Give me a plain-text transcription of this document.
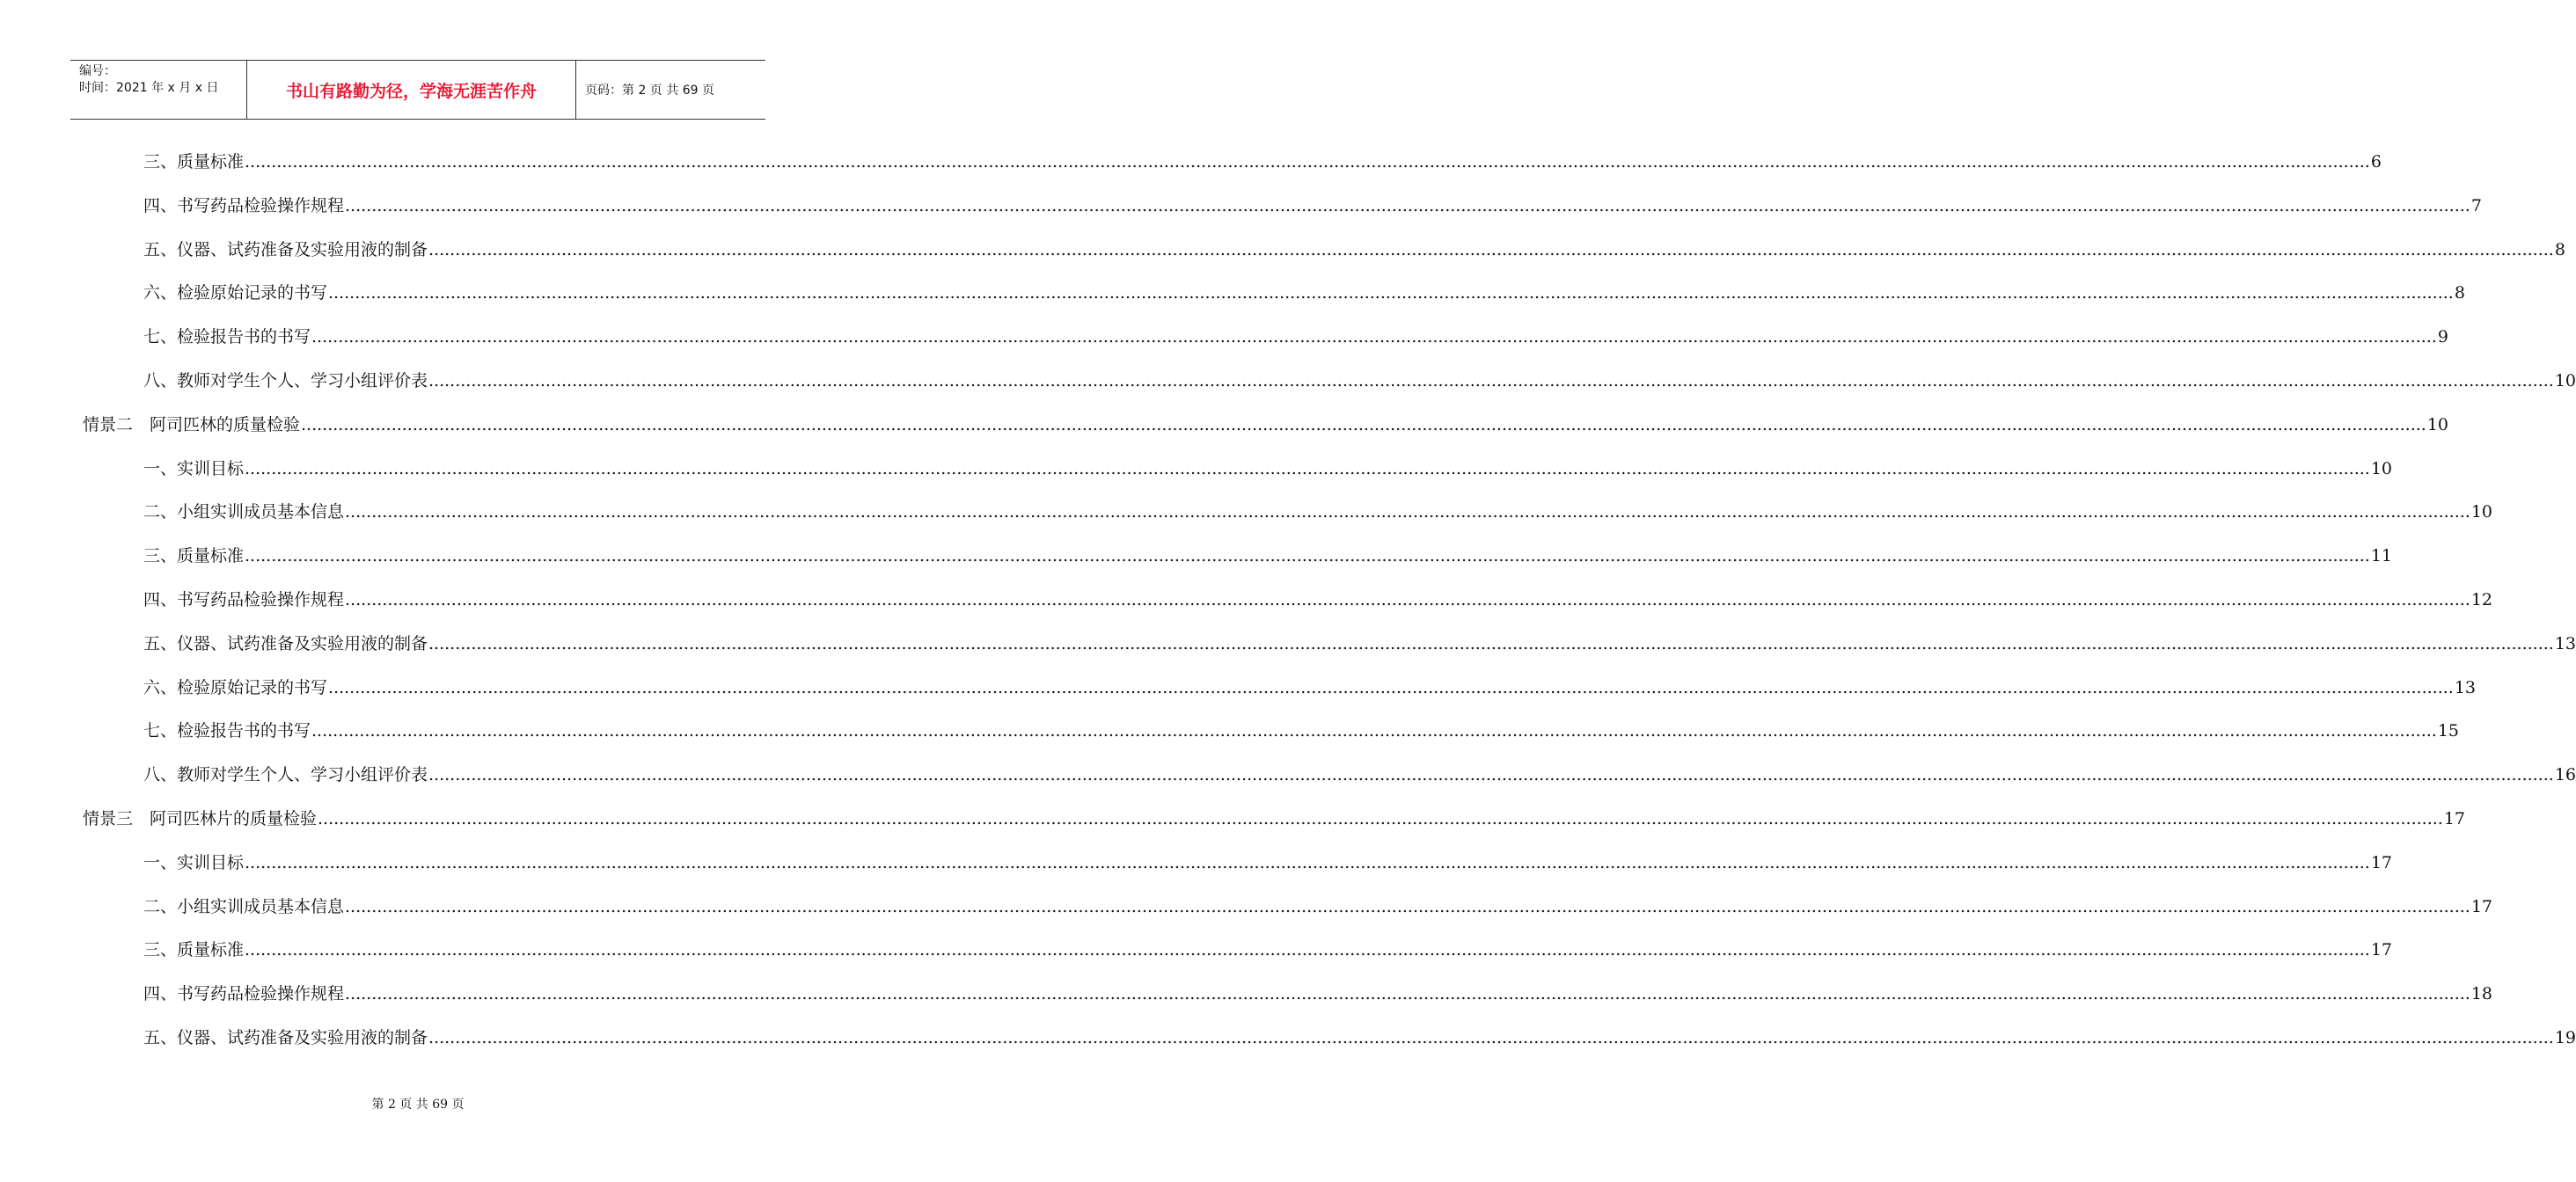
编号：
时间：2021 年 x 月 x 日	书山有路勤为径，学海无涯苦作舟	页码：第 2 页 共 69 页
三、质量标准 ................................................................................................................................................................................................................................................................................................................................................................................................................ 6
四、书写药品检验操作规程 ................................................................................................................................................................................................................................................................................................................................................................................................................ 7
五、仪器、试药准备及实验用液的制备 ................................................................................................................................................................................................................................................................................................................................................................................................................ 8
六、检验原始记录的书写 ................................................................................................................................................................................................................................................................................................................................................................................................................ 8
七、检验报告书的书写 ................................................................................................................................................................................................................................................................................................................................................................................................................ 9
八、教师对学生个人、学习小组评价表 ................................................................................................................................................................................................................................................................................................................................................................................................................ 10
情景二　阿司匹林的质量检验 ................................................................................................................................................................................................................................................................................................................................................................................................................ 10
一、实训目标 ................................................................................................................................................................................................................................................................................................................................................................................................................ 10
二、小组实训成员基本信息 ................................................................................................................................................................................................................................................................................................................................................................................................................ 10
三、质量标准 ................................................................................................................................................................................................................................................................................................................................................................................................................ 11
四、书写药品检验操作规程 ................................................................................................................................................................................................................................................................................................................................................................................................................ 12
五、仪器、试药准备及实验用液的制备 ................................................................................................................................................................................................................................................................................................................................................................................................................ 13
六、检验原始记录的书写 ................................................................................................................................................................................................................................................................................................................................................................................................................ 13
七、检验报告书的书写 ................................................................................................................................................................................................................................................................................................................................................................................................................ 15
八、教师对学生个人、学习小组评价表 ................................................................................................................................................................................................................................................................................................................................................................................................................ 16
情景三　阿司匹林片的质量检验 ................................................................................................................................................................................................................................................................................................................................................................................................................ 17
一、实训目标 ................................................................................................................................................................................................................................................................................................................................................................................................................ 17
二、小组实训成员基本信息 ................................................................................................................................................................................................................................................................................................................................................................................................................ 17
三、质量标准 ................................................................................................................................................................................................................................................................................................................................................................................................................ 17
四、书写药品检验操作规程 ................................................................................................................................................................................................................................................................................................................................................................................................................ 18
五、仪器、试药准备及实验用液的制备 ................................................................................................................................................................................................................................................................................................................................................................................................................ 19
第 2 页 共 69 页
